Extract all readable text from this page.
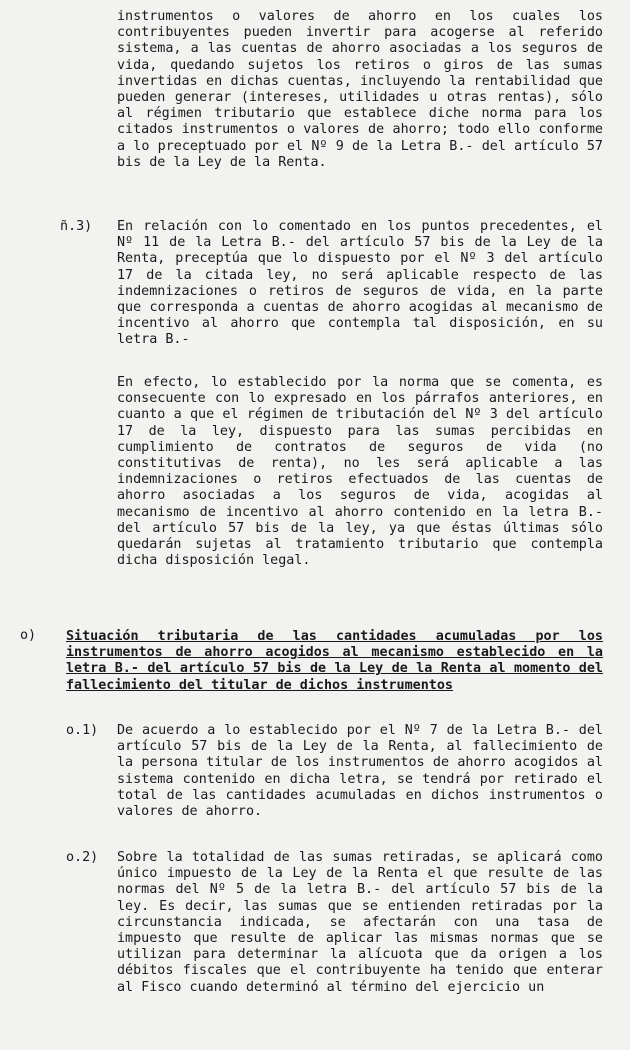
instrumentos o valores de ahorro en los cuales los contribuyentes pueden invertir para acogerse al referido sistema, a las cuentas de ahorro asociadas a los seguros de vida, quedando sujetos los retiros o giros de las sumas invertidas en dichas cuentas, incluyendo la rentabilidad que pueden generar (intereses, utilidades u otras rentas), sólo al régimen tributario que establece diche norma para los citados instrumentos o valores de ahorro; todo ello conforme a lo preceptuado por el Nº 9 de la Letra B.- del artículo 57 bis de la Ley de la Renta.

ñ.3) En relación con lo comentado en los puntos precedentes, el Nº 11 de la Letra B.- del artículo 57 bis de la Ley de la Renta, preceptúa que lo dispuesto por el Nº 3 del artículo 17 de la citada ley, no será aplicable respecto de las indemnizaciones o retiros de seguros de vida, en la parte que corresponda a cuentas de ahorro acogidas al mecanismo de incentivo al ahorro que contempla tal disposición, en su letra B.-

En efecto, lo establecido por la norma que se comenta, es consecuente con lo expresado en los párrafos anteriores, en cuanto a que el régimen de tributación del Nº 3 del artículo 17 de la ley, dispuesto para las sumas percibidas en cumplimiento de contratos de seguros de vida (no constitutivas de renta), no les será aplicable a las indemnizaciones o retiros efectuados de las cuentas de ahorro asociadas a los seguros de vida, acogidas al mecanismo de incentivo al ahorro contenido en la letra B.- del artículo 57 bis de la ley, ya que éstas últimas sólo quedarán sujetas al tratamiento tributario que contempla dicha disposición legal.

o) Situación tributaria de las cantidades acumuladas por los instrumentos de ahorro acogidos al mecanismo establecido en la letra B.- del artículo 57 bis de la Ley de la Renta al momento del fallecimiento del titular de dichos instrumentos

o.1) De acuerdo a lo establecido por el Nº 7 de la Letra B.- del artículo 57 bis de la Ley de la Renta, al fallecimiento de la persona titular de los instrumentos de ahorro acogidos al sistema contenido en dicha letra, se tendrá por retirado el total de las cantidades acumuladas en dichos instrumentos o valores de ahorro.

o.2) Sobre la totalidad de las sumas retiradas, se aplicará como único impuesto de la Ley de la Renta el que resulte de las normas del Nº 5 de la letra B.- del artículo 57 bis de la ley. Es decir, las sumas que se entienden retiradas por la circunstancia indicada, se afectarán con una tasa de impuesto que resulte de aplicar las mismas normas que se utilizan para determinar la alícuota que da origen a los débitos fiscales que el contribuyente ha tenido que enterar al Fisco cuando determinó al término del ejercicio un
